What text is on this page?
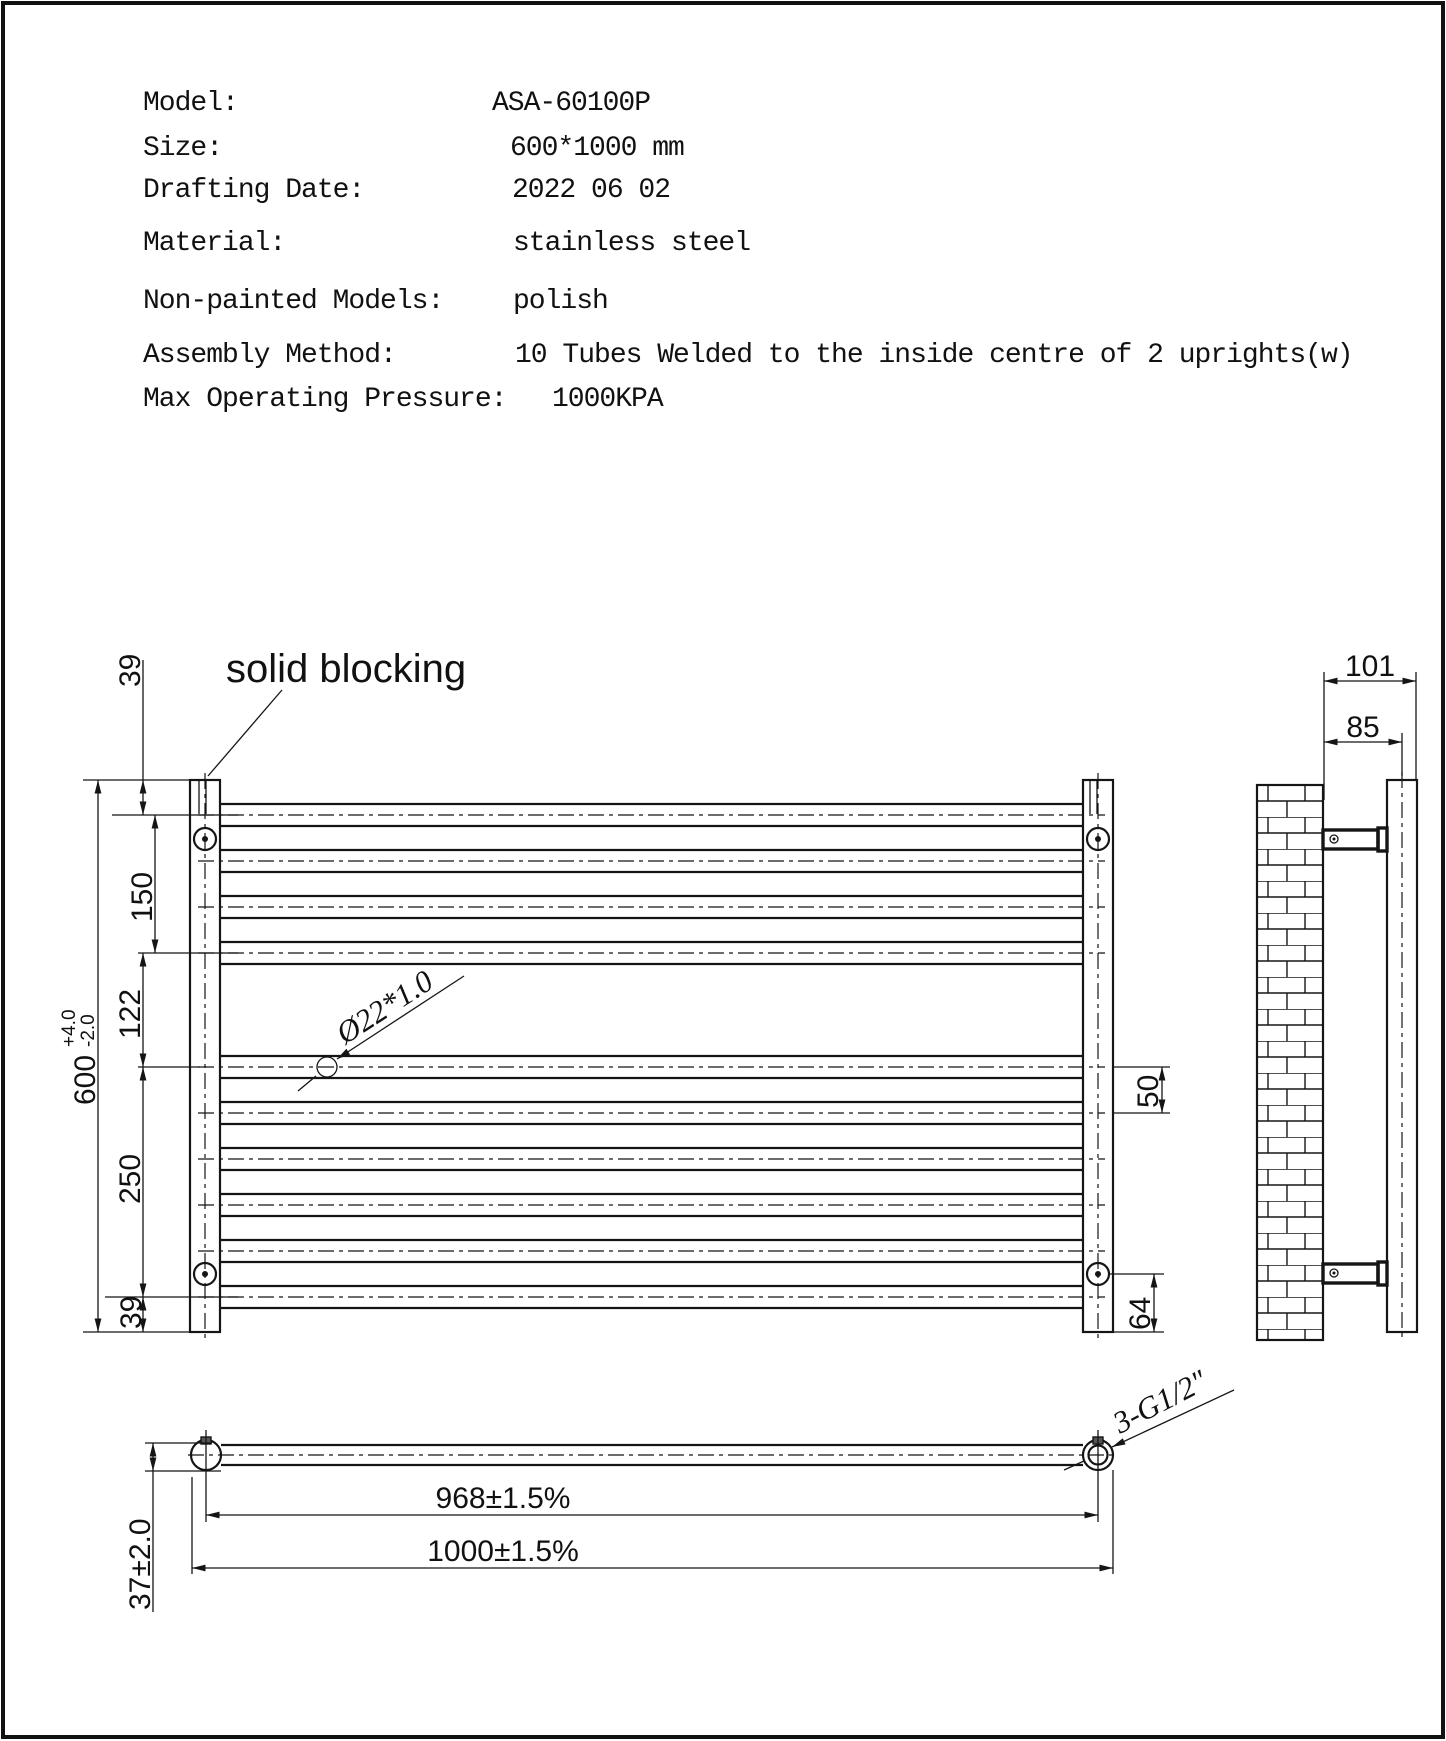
Model:	ASA-60100P
Size:	600*1000 mm
Drafting Date:	2022 06 02
Material:	stainless steel
Non-painted Models: polish
Assembly Method:	10 Tubes Welded to the inside centre of 2 uprights(w)
Max Operating Pressure: 1000KPA
solid blocking
Ø22*1.0
600
+4.0
-2.0
39
150
122
250
39
50
64
101
85
3-G1/2"
37±2.0
968±1.5%
1000±1.5%
